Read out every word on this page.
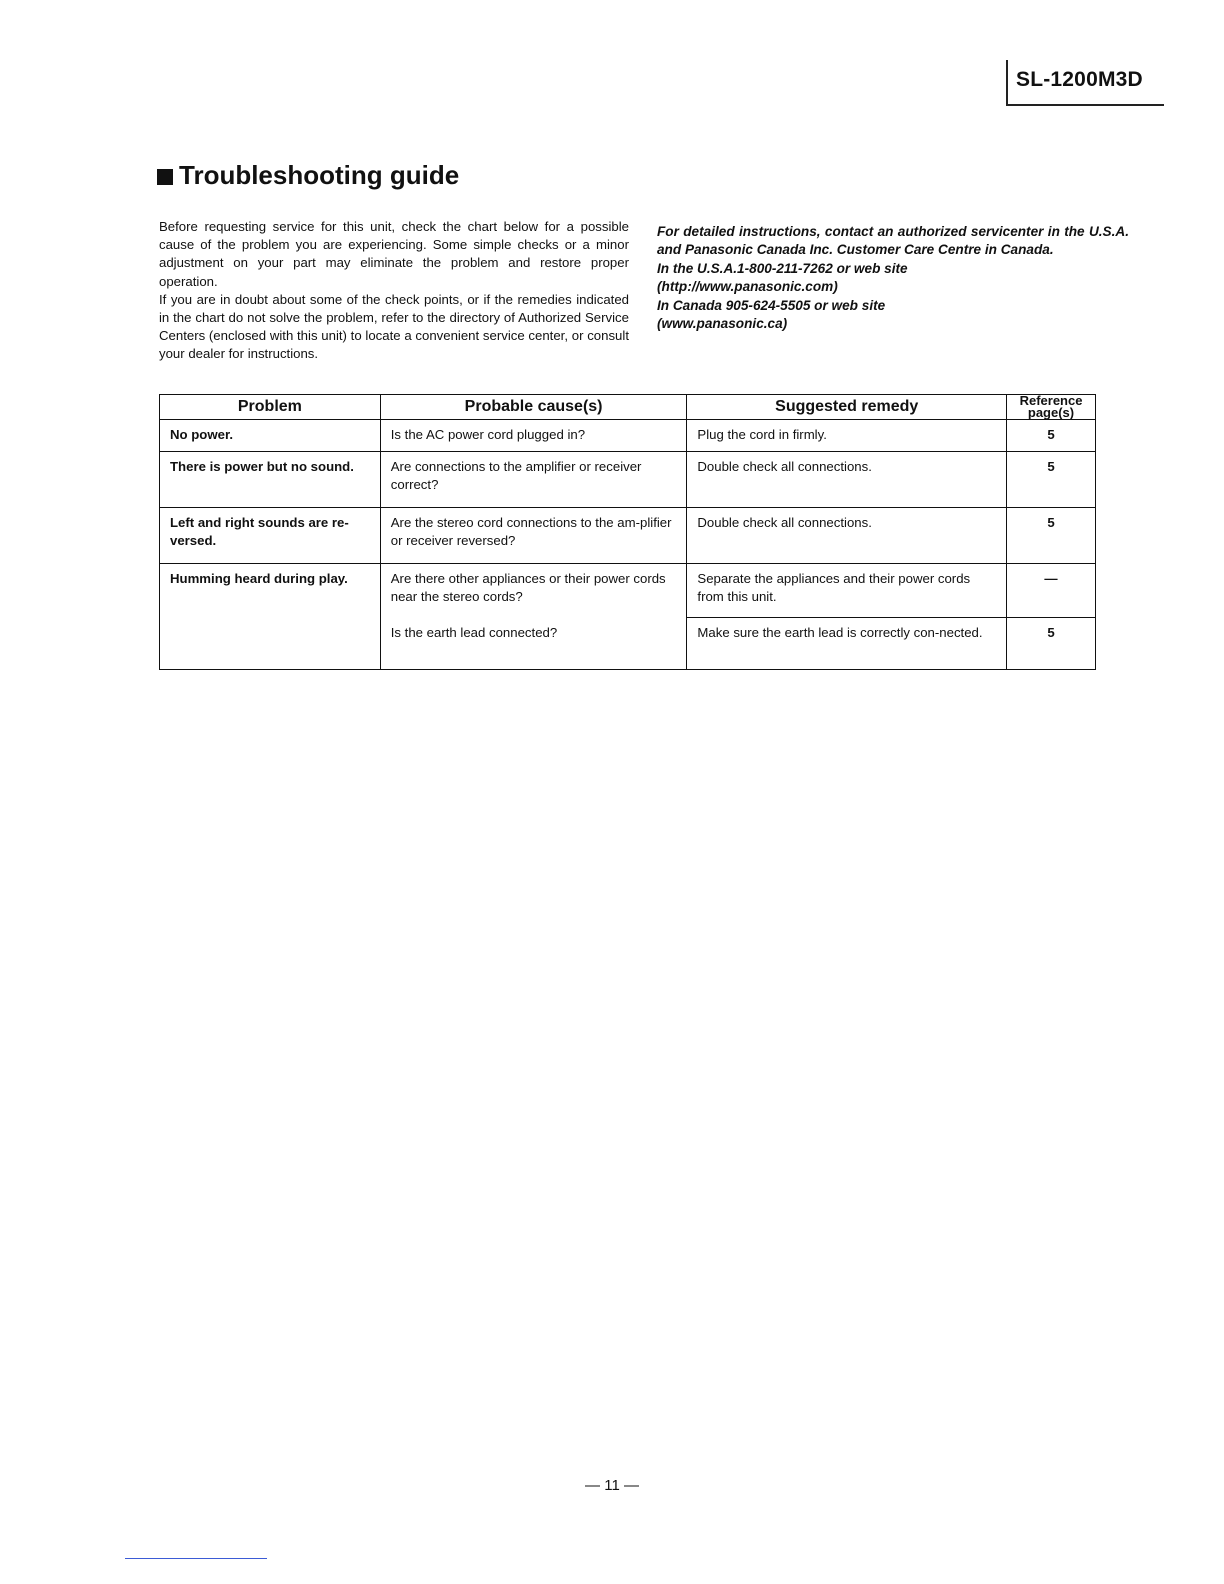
SL-1200M3D
Troubleshooting guide

Before requesting service for this unit, check the chart below for a possible cause of the problem you are experiencing. Some simple checks or a minor adjustment on your part may eliminate the problem and restore proper operation.

If you are in doubt about some of the check points, or if the remedies indicated in the chart do not solve the problem, refer to the directory of Authorized Service Centers (enclosed with this unit) to locate a convenient service center, or consult your dealer for instructions.

For detailed instructions, contact an authorized servicenter in the U.S.A. and Panasonic Canada Inc. Customer Care Centre in Canada.

In the U.S.A.1-800-211-7262 or web site

(http://www.panasonic.com)

In Canada 905-624-5505 or web site

(www.panasonic.ca)

Problem	Probable cause(s)	Suggested remedy	Reference page(s)
No power.	Is the AC power cord plugged in?	Plug the cord in firmly.	5
There is power but no sound.	Are connections to the amplifier or receiver correct?	Double check all connections.	5
Left and right sounds are re-versed.	Are the stereo cord connections to the am-plifier or receiver reversed?	Double check all connections.	5
Humming heard during play.	Are there other appliances or their power cords near the stereo cords?	Separate the appliances and their power cords from this unit.	—
	Is the earth lead connected?	Make sure the earth lead is correctly con-nected.	5
— 11 —
